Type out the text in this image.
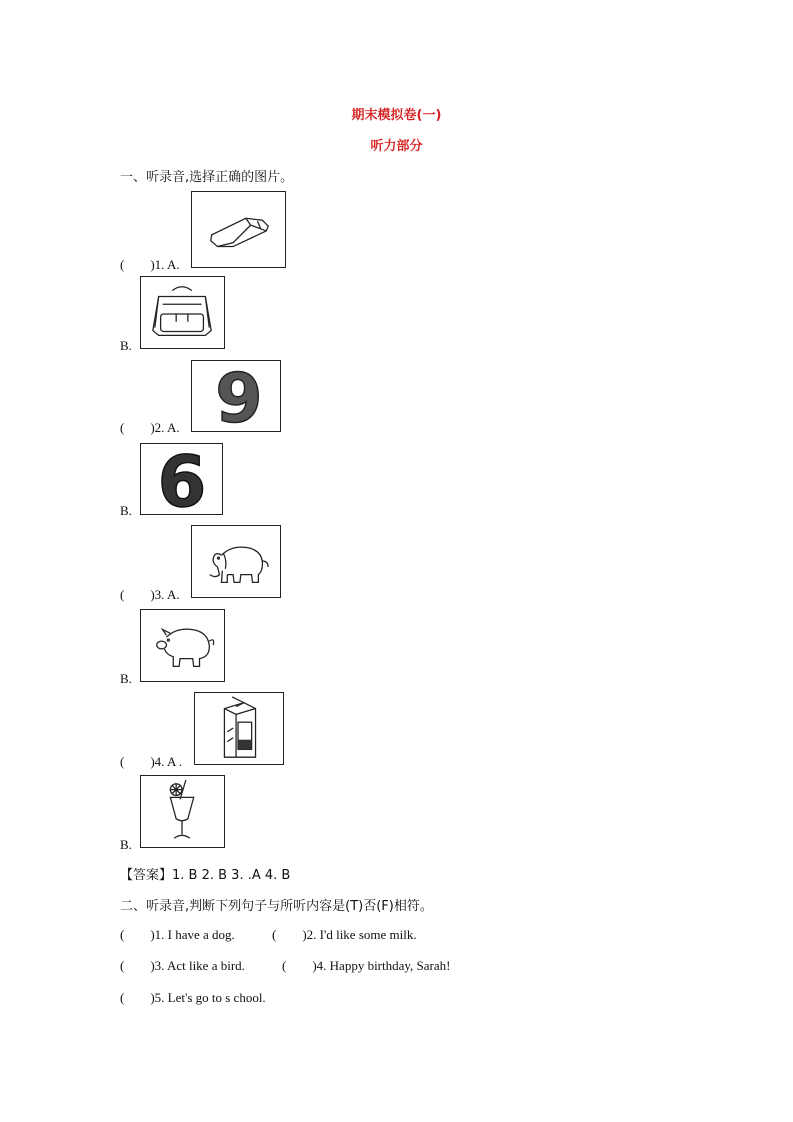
期末模拟卷(一)
听力部分
一、听录音,选择正确的图片。
(  )1. A.
B.
(  )2. A. 9
B. 6
(  )3. A.
B.
(  )4. A .
B.
【答案】1. B 2. B 3. .A 4. B
二、听录音,判断下列句子与所听内容是(T)否(F)相符。
(  )1. I have a dog.	(  )2. I'd like some milk.
(  )3. Act like a bird.	(  )4. Happy birthday, Sarah!
(  )5. Let's go to s chool.
